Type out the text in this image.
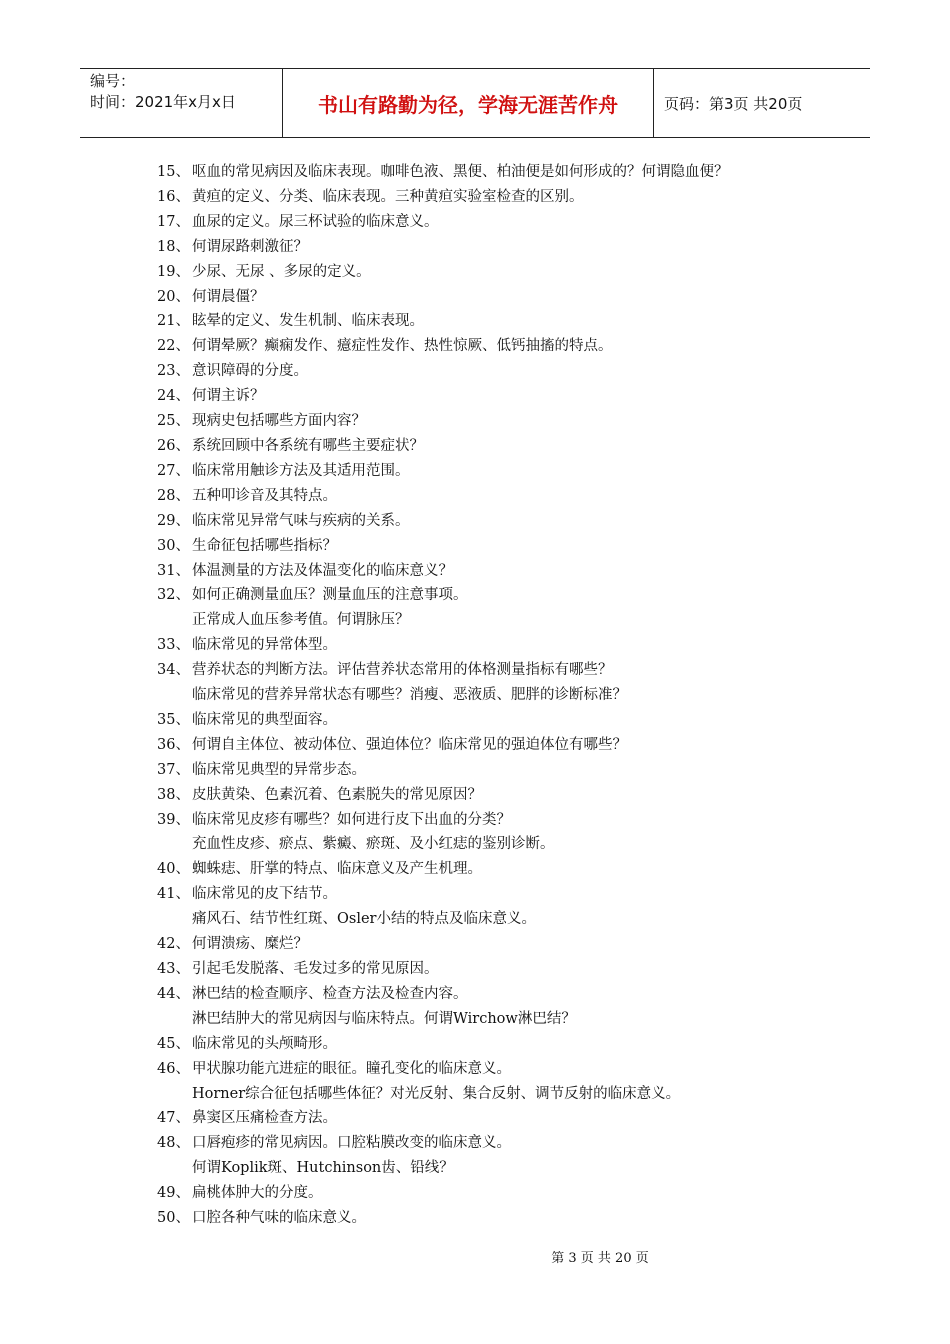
编号：
时间：2021年x月x日	书山有路勤为径，学海无涯苦作舟	页码：第3页 共20页
15、 呕血的常见病因及临床表现。咖啡色液、黑便、柏油便是如何形成的？何谓隐血便？
16、 黄疸的定义、分类、临床表现。三种黄疸实验室检查的区别。
17、 血尿的定义。尿三杯试验的临床意义。
18、 何谓尿路刺激征？
19、 少尿、无尿 、多尿的定义。
20、 何谓晨僵？
21、 眩晕的定义、发生机制、临床表现。
22、 何谓晕厥？癫痫发作、癔症性发作、热性惊厥、低钙抽搐的特点。
23、 意识障碍的分度。
24、 何谓主诉？
25、 现病史包括哪些方面内容？
26、 系统回顾中各系统有哪些主要症状？
27、 临床常用触诊方法及其适用范围。
28、 五种叩诊音及其特点。
29、 临床常见异常气味与疾病的关系。
30、 生命征包括哪些指标？
31、 体温测量的方法及体温变化的临床意义？
32、 如何正确测量血压？测量血压的注意事项。
正常成人血压参考值。何谓脉压？
33、 临床常见的异常体型。
34、 营养状态的判断方法。评估营养状态常用的体格测量指标有哪些？
临床常见的营养异常状态有哪些？消瘦、恶液质、肥胖的诊断标准？
35、 临床常见的典型面容。
36、 何谓自主体位、被动体位、强迫体位？临床常见的强迫体位有哪些？
37、 临床常见典型的异常步态。
38、 皮肤黄染、色素沉着、色素脱失的常见原因？
39、 临床常见皮疹有哪些？如何进行皮下出血的分类？
充血性皮疹、瘀点、紫癜、瘀斑、及小红痣的鉴别诊断。
40、 蜘蛛痣、肝掌的特点、临床意义及产生机理。
41、 临床常见的皮下结节。
痛风石、结节性红斑、Osler小结的特点及临床意义。
42、 何谓溃疡、糜烂？
43、 引起毛发脱落、毛发过多的常见原因。
44、 淋巴结的检查顺序、检查方法及检查内容。
淋巴结肿大的常见病因与临床特点。何谓Wirchow淋巴结？
45、 临床常见的头颅畸形。
46、 甲状腺功能亢进症的眼征。瞳孔变化的临床意义。
Horner综合征包括哪些体征？对光反射、集合反射、调节反射的临床意义。
47、 鼻窦区压痛检查方法。
48、 口唇疱疹的常见病因。口腔粘膜改变的临床意义。
何谓Koplik斑、Hutchinson齿、铅线？
49、 扁桃体肿大的分度。
50、 口腔各种气味的临床意义。
第 3 页 共 20 页
